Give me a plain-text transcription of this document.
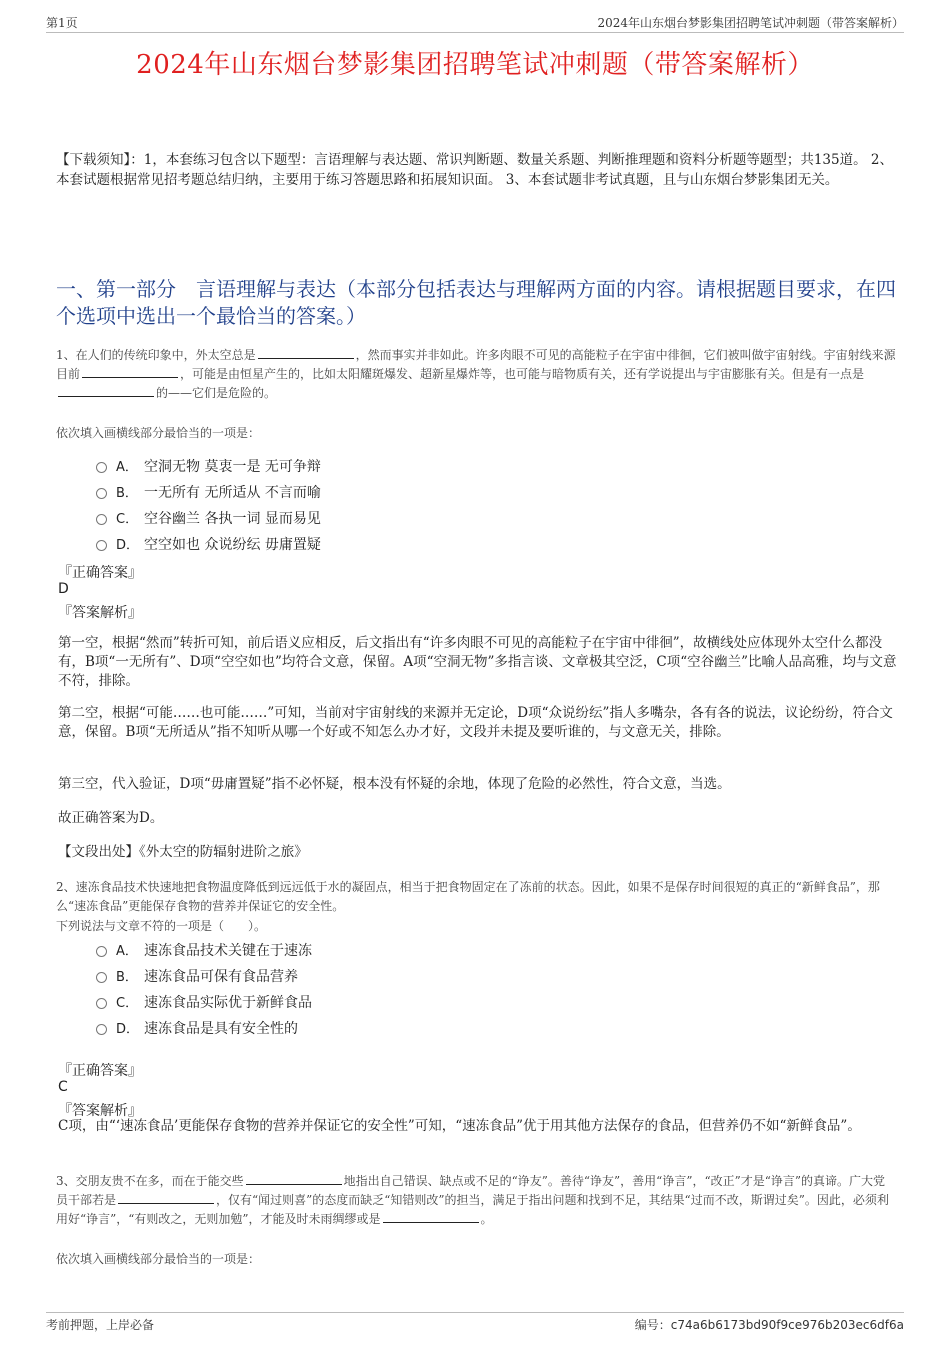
第1页	2024年山东烟台梦影集团招聘笔试冲刺题（带答案解析）
2024年山东烟台梦影集团招聘笔试冲刺题（带答案解析）
【下载须知】：1，本套练习包含以下题型：言语理解与表达题、常识判断题、数量关系题、判断推理题和资料分析题等题型；共135道。 2、本套试题根据常见招考题总结归纳，主要用于练习答题思路和拓展知识面。 3、本套试题非考试真题，且与山东烟台梦影集团无关。
一、第一部分　言语理解与表达（本部分包括表达与理解两方面的内容。请根据题目要求，在四个选项中选出一个最恰当的答案。）
1、在人们的传统印象中，外太空总是	，然而事实并非如此。许多肉眼不可见的高能粒子在宇宙中徘徊，它们被叫做宇宙射线。宇宙射线来源目前	，可能是由恒星产生的，比如太阳耀斑爆发、超新星爆炸等，也可能与暗物质有关，还有学说提出与宇宙膨胀有关。但是有一点是的——它们是危险的。
依次填入画横线部分最恰当的一项是：
A． 空洞无物 莫衷一是 无可争辩
B． 一无所有 无所适从 不言而喻
C． 空谷幽兰 各执一词 显而易见
D． 空空如也 众说纷纭 毋庸置疑
『正确答案』
D
『答案解析』
第一空，根据“然而”转折可知，前后语义应相反，后文指出有“许多肉眼不可见的高能粒子在宇宙中徘徊”，故横线处应体现外太空什么都没有，B项“一无所有”、D项“空空如也”均符合文意，保留。A项“空洞无物”多指言谈、文章极其空泛，C项“空谷幽兰”比喻人品高雅，均与文意不符，排除。
第二空，根据“可能……也可能……”可知，当前对宇宙射线的来源并无定论，D项“众说纷纭”指人多嘴杂，各有各的说法，议论纷纷，符合文意，保留。B项“无所适从”指不知听从哪一个好或不知怎么办才好，文段并未提及要听谁的，与文意无关，排除。
第三空，代入验证，D项“毋庸置疑”指不必怀疑，根本没有怀疑的余地，体现了危险的必然性，符合文意，当选。
故正确答案为D。
【文段出处】《外太空的防辐射进阶之旅》
2、速冻食品技术快速地把食物温度降低到远远低于水的凝固点，相当于把食物固定在了冻前的状态。因此，如果不是保存时间很短的真正的“新鲜食品”，那么“速冻食品”更能保存食物的营养并保证它的安全性。
下列说法与文章不符的一项是（　　）。
A． 速冻食品技术关键在于速冻
B． 速冻食品可保有食品营养
C． 速冻食品实际优于新鲜食品
D． 速冻食品是具有安全性的
『正确答案』
C
『答案解析』
C项，由“‘速冻食品’更能保存食物的营养并保证它的安全性”可知，“速冻食品”优于用其他方法保存的食品，但营养仍不如“新鲜食品”。
3、交朋友贵不在多，而在于能交些	地指出自己错误、缺点或不足的“诤友”。善待“诤友”，善用“诤言”，“改正”才是“诤言”的真谛。广大党员干部若是	，仅有“闻过则喜”的态度而缺乏“知错则改”的担当，满足于指出问题和找到不足，其结果“过而不改，斯谓过矣”。因此，必须利用好“诤言”，“有则改之，无则加勉”，才能及时未雨绸缪或是	。
依次填入画横线部分最恰当的一项是：
考前押题，上岸必备	编号：c74a6b6173bd90f9ce976b203ec6df6a
